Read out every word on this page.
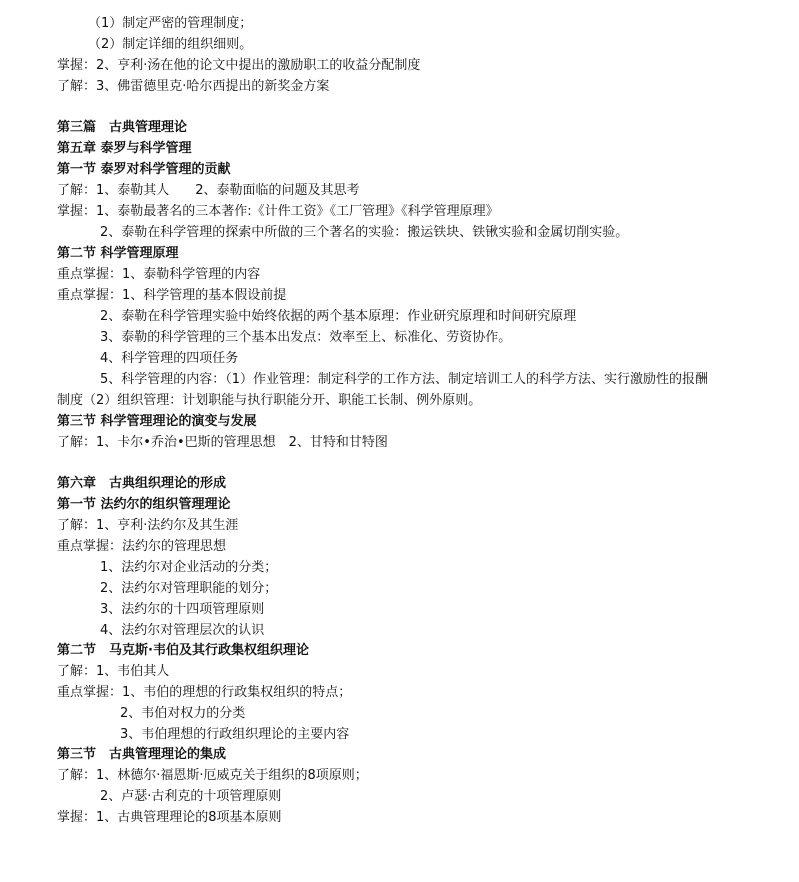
（1）制定严密的管理制度；
（2）制定详细的组织细则。
掌握：2、亨利·汤在他的论文中提出的激励职工的收益分配制度
了解：3、佛雷德里克·哈尔西提出的新奖金方案
第三篇　古典管理理论
第五章 泰罗与科学管理
第一节 泰罗对科学管理的贡献
了解：1、泰勒其人　　2、泰勒面临的问题及其思考
掌握：1、泰勒最著名的三本著作:《计件工资》《工厂管理》《科学管理原理》
2、泰勒在科学管理的探索中所做的三个著名的实验：搬运铁块、铁锹实验和金属切削实验。
第二节 科学管理原理
重点掌握：1、泰勒科学管理的内容
重点掌握：1、科学管理的基本假设前提
2、泰勒在科学管理实验中始终依据的两个基本原理：作业研究原理和时间研究原理
3、泰勒的科学管理的三个基本出发点：效率至上、标准化、劳资协作。
4、科学管理的四项任务
5、科学管理的内容：（1）作业管理：制定科学的工作方法、制定培训工人的科学方法、实行激励性的报酬
制度（2）组织管理：计划职能与执行职能分开、职能工长制、例外原则。
第三节 科学管理理论的演变与发展
了解：1、卡尔•乔治•巴斯的管理思想　2、甘特和甘特图
第六章　古典组织理论的形成
第一节 法约尔的组织管理理论
了解：1、亨利·法约尔及其生涯
重点掌握：法约尔的管理思想
1、法约尔对企业活动的分类；
2、法约尔对管理职能的划分；
3、法约尔的十四项管理原则
4、法约尔对管理层次的认识
第二节　马克斯·韦伯及其行政集权组织理论
了解：1、韦伯其人
重点掌握：1、韦伯的理想的行政集权组织的特点；
2、韦伯对权力的分类
3、韦伯理想的行政组织理论的主要内容
第三节　古典管理理论的集成
了解：1、林德尔·福恩斯·厄威克关于组织的8项原则；
2、卢瑟·古利克的十项管理原则
掌握：1、古典管理理论的8项基本原则
